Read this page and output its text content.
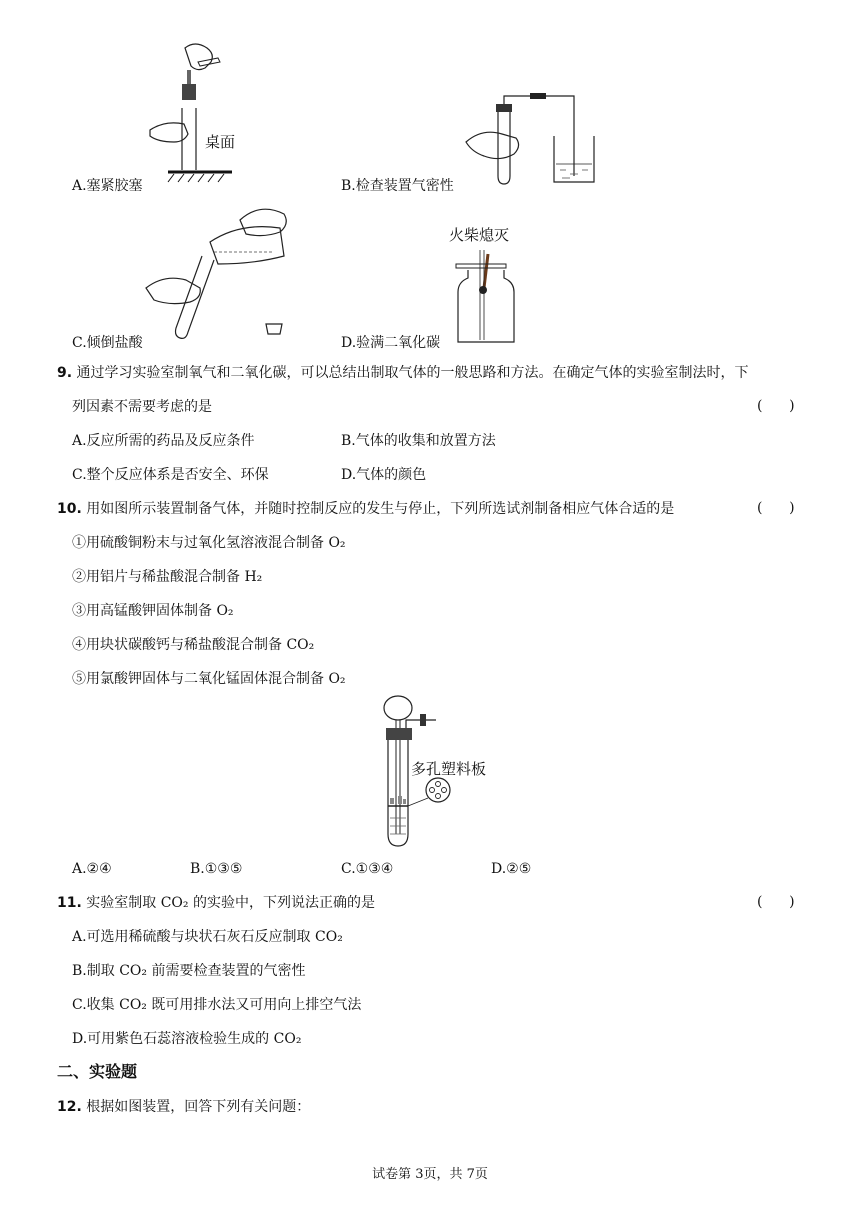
桌面
A.塞紧胶塞	B.检查装置气密性
火柴熄灭
C.倾倒盐酸	D.验满二氧化碳
9. 通过学习实验室制氧气和二氧化碳，可以总结出制取气体的一般思路和方法。在确定气体的实验室制法时，下
列因素不需要考虑的是	(      )
A.反应所需的药品及反应条件	B.气体的收集和放置方法
C.整个反应体系是否安全、环保	D.气体的颜色
10. 用如图所示装置制备气体，并随时控制反应的发生与停止，下列所选试剂制备相应气体合适的是	(      )
①用硫酸铜粉末与过氧化氢溶液混合制备 O₂
②用铝片与稀盐酸混合制备 H₂
③用高锰酸钾固体制备 O₂
④用块状碳酸钙与稀盐酸混合制备 CO₂
⑤用氯酸钾固体与二氧化锰固体混合制备 O₂
多孔塑料板
A.②④	B.①③⑤	C.①③④	D.②⑤
11. 实验室制取 CO₂ 的实验中，下列说法正确的是	(      )
A.可选用稀硫酸与块状石灰石反应制取 CO₂
B.制取 CO₂ 前需要检查装置的气密性
C.收集 CO₂ 既可用排水法又可用向上排空气法
D.可用紫色石蕊溶液检验生成的 CO₂
二、实验题
12. 根据如图装置，回答下列有关问题：
试卷第 3页，共 7页
